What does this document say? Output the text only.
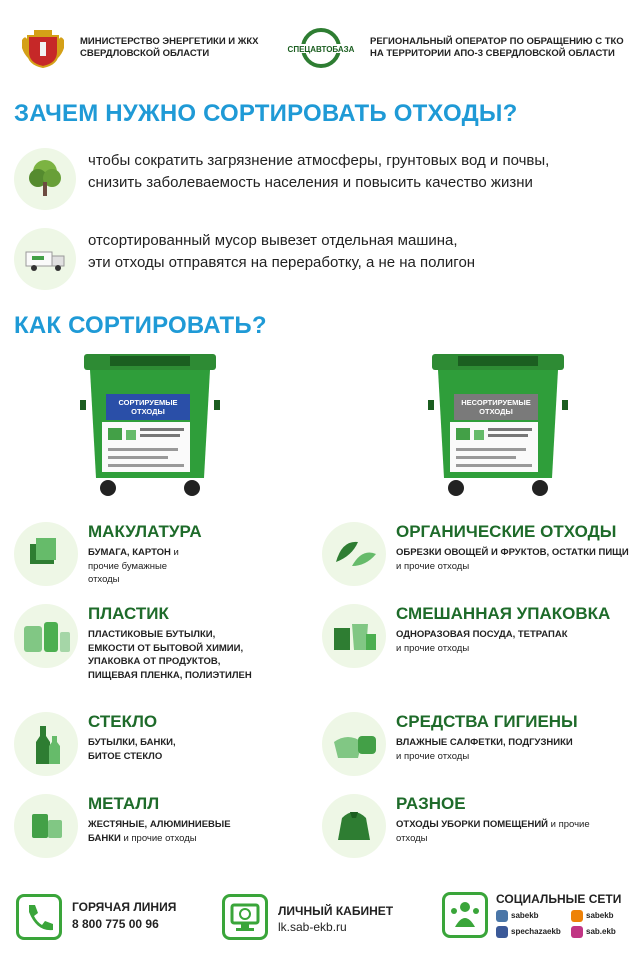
МИНИСТЕРСТВО ЭНЕРГЕТИКИ И ЖКХ
СВЕРДЛОВСКОЙ ОБЛАСТИ	СПЕЦАВТОБАЗА
РЕГИОНАЛЬНЫЙ ОПЕРАТОР ПО ОБРАЩЕНИЮ С ТКО
НА ТЕРРИТОРИИ АПО-3 СВЕРДЛОВСКОЙ ОБЛАСТИ
ЗАЧЕМ НУЖНО СОРТИРОВАТЬ ОТХОДЫ?
чтобы сократить загрязнение атмосферы, грунтовых вод и почвы,
снизить заболеваемость населения и повысить качество жизни
отсортированный мусор вывезет отдельная машина,
эти отходы отправятся на переработку, а не на полигон
КАК СОРТИРОВАТЬ?
СОРТИРУЕМЫЕ
ОТХОДЫ
НЕСОРТИРУЕМЫЕ
ОТХОДЫ
МАКУЛАТУРА
БУМАГА, КАРТОН и прочие бумажные отходы
ПЛАСТИК
ПЛАСТИКОВЫЕ БУТЫЛКИ, ЕМКОСТИ ОТ БЫТОВОЙ ХИМИИ, УПАКОВКА ОТ ПРОДУКТОВ, ПИЩЕВАЯ ПЛЕНКА, ПОЛИЭТИЛЕН
СТЕКЛО
БУТЫЛКИ, БАНКИ, БИТОЕ СТЕКЛО
МЕТАЛЛ
ЖЕСТЯНЫЕ, АЛЮМИНИЕВЫЕ БАНКИ и прочие отходы
ОРГАНИЧЕСКИЕ ОТХОДЫ
ОБРЕЗКИ ОВОЩЕЙ И ФРУКТОВ, ОСТАТКИ ПИЩИ и прочие отходы
СМЕШАННАЯ УПАКОВКА
ОДНОРАЗОВАЯ ПОСУДА, ТЕТРАПАК
и прочие отходы
СРЕДСТВА ГИГИЕНЫ
ВЛАЖНЫЕ САЛФЕТКИ, ПОДГУЗНИКИ
и прочие отходы
РАЗНОЕ
ОТХОДЫ УБОРКИ ПОМЕЩЕНИЙ и прочие отходы
ГОРЯЧАЯ ЛИНИЯ
8 800 775 00 96
ЛИЧНЫЙ КАБИНЕТ
lk.sab-ekb.ru
СОЦИАЛЬНЫЕ СЕТИ
sabekb	sabekb
spechazaekb	sab.ekb
